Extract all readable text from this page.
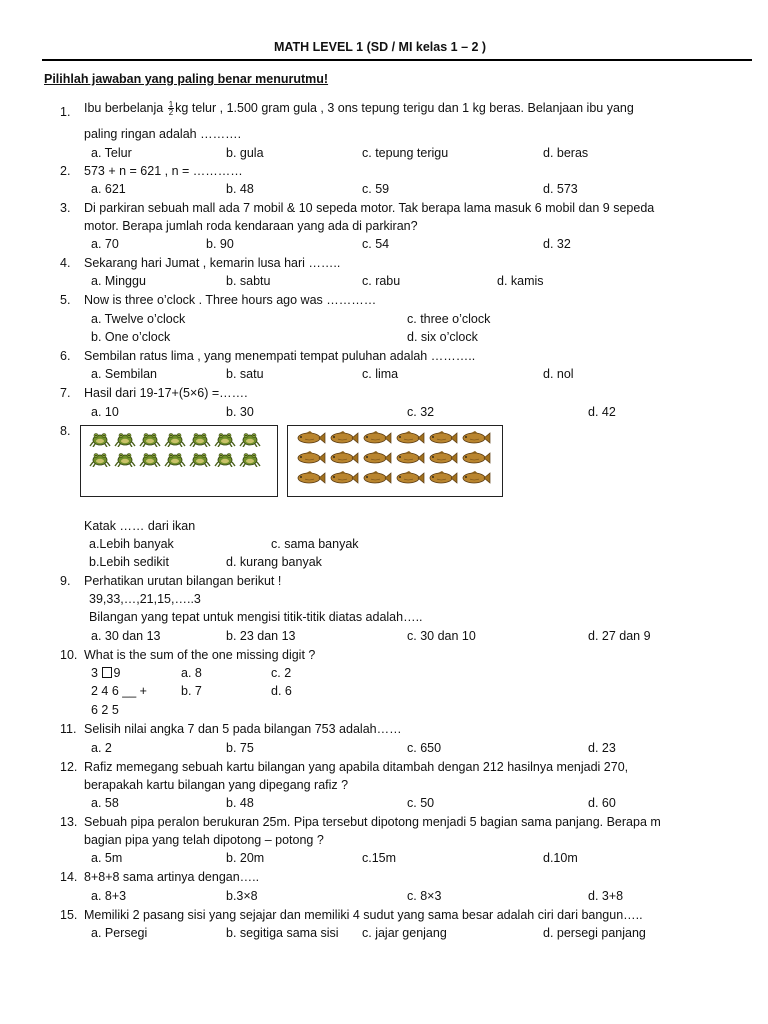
MATH LEVEL 1 (SD / MI kelas 1 – 2 )
Pilihlah jawaban yang paling benar menurutmu!
1. Ibu berbelanja $\frac{1}{2}$ kg telur , 1.500 gram gula , 3 ons tepung terigu dan 1 kg beras. Belanjaan ibu yang
paling ringan adalah ……….
a. Telur	b. gula	c. tepung terigu	d. beras
2. 573 + n = 621 , n = …………
a. 621	b. 48	c. 59	d. 573
3. Di parkiran sebuah mall ada 7 mobil & 10 sepeda motor. Tak berapa lama masuk 6 mobil dan 9 sepeda
motor. Berapa jumlah roda kendaraan yang ada di parkiran?
a. 70	b. 90	c. 54	d. 32
4. Sekarang hari Jumat , kemarin lusa hari ……..
a. Minggu	b. sabtu	c. rabu	d. kamis
5. Now is three o’clock . Three hours ago was …………
a. Twelve o’clock	c. three o’clock
b. One o’clock	d. six o’clock
6. Sembilan ratus lima , yang menempati tempat puluhan adalah ………..
a. Sembilan	b. satu	c. lima	d. nol
7. Hasil dari 19-17+(5×6) =…….
a. 10	b. 30	c. 32	d. 42
8.
Katak …… dari ikan
a.Lebih banyak	c. sama banyak
b.Lebih sedikit	d. kurang banyak
9. Perhatikan urutan bilangan berikut !
39,33,…,21,15,…..3
Bilangan yang tepat untuk mengisi titik-titik diatas adalah…..
a. 30 dan 13	b. 23 dan 13	c. 30 dan 10	d. 27 dan 9
10. What is the sum of the one missing digit ?
3 9
2 4 6 __ +
6 2 5
a. 8	c. 2
b. 7	d. 6
11. Selisih nilai angka 7 dan 5 pada bilangan 753 adalah……
a. 2	b. 75	c. 650	d. 23
12. Rafiz memegang sebuah kartu bilangan yang apabila ditambah dengan 212 hasilnya menjadi 270,
berapakah kartu bilangan yang dipegang rafiz ?
a. 58	b. 48	c. 50	d. 60
13. Sebuah pipa peralon berukuran 25m. Pipa tersebut dipotong menjadi 5 bagian sama panjang. Berapa m
bagian pipa yang telah dipotong – potong ?
a. 5m	b. 20m	c.15m	d.10m
14. 8+8+8 sama artinya dengan…..
a. 8+3	b.3×8	c. 8×3	d. 3+8
15. Memiliki 2 pasang sisi yang sejajar dan memiliki 4 sudut yang sama besar adalah ciri dari bangun…..
a. Persegi	b. segitiga sama sisi c. jajar genjang	d. persegi panjang
